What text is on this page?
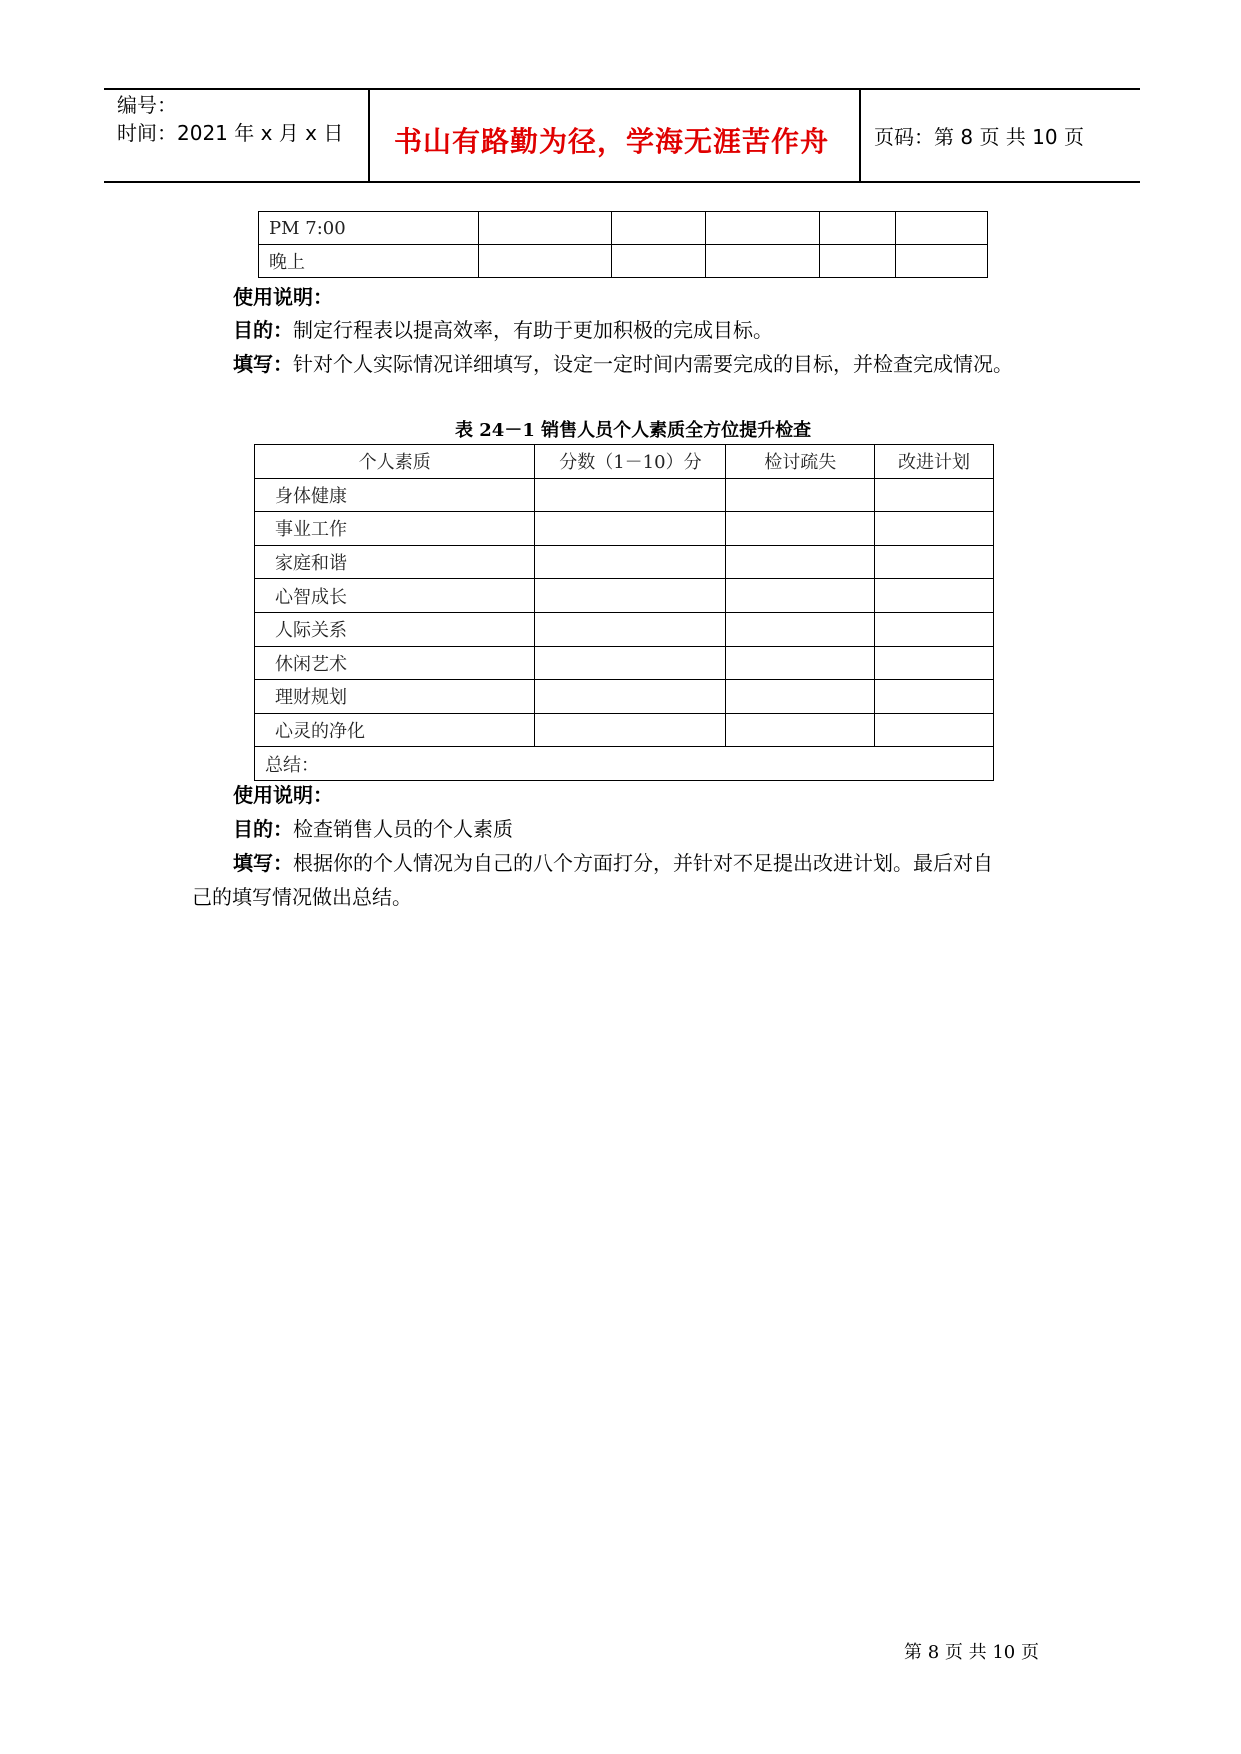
编号：
时间：2021 年 x 月 x 日 书山有路勤为径，学海无涯苦作舟 页码：第 8 页 共 10 页
PM 7:00					
晚上					
使用说明：
目的：制定行程表以提高效率，有助于更加积极的完成目标。
填写：针对个人实际情况详细填写，设定一定时间内需要完成的目标，并检查完成情况。
表 24－1 销售人员个人素质全方位提升检查
个人素质	分数（1－10）分	检讨疏失	改进计划
身体健康			
事业工作			
家庭和谐			
心智成长			
人际关系			
休闲艺术			
理财规划			
心灵的净化			
总结：			
使用说明：
目的：检查销售人员的个人素质
填写：根据你的个人情况为自己的八个方面打分，并针对不足提出改进计划。最后对自
己的填写情况做出总结。
第 8 页 共 10 页
